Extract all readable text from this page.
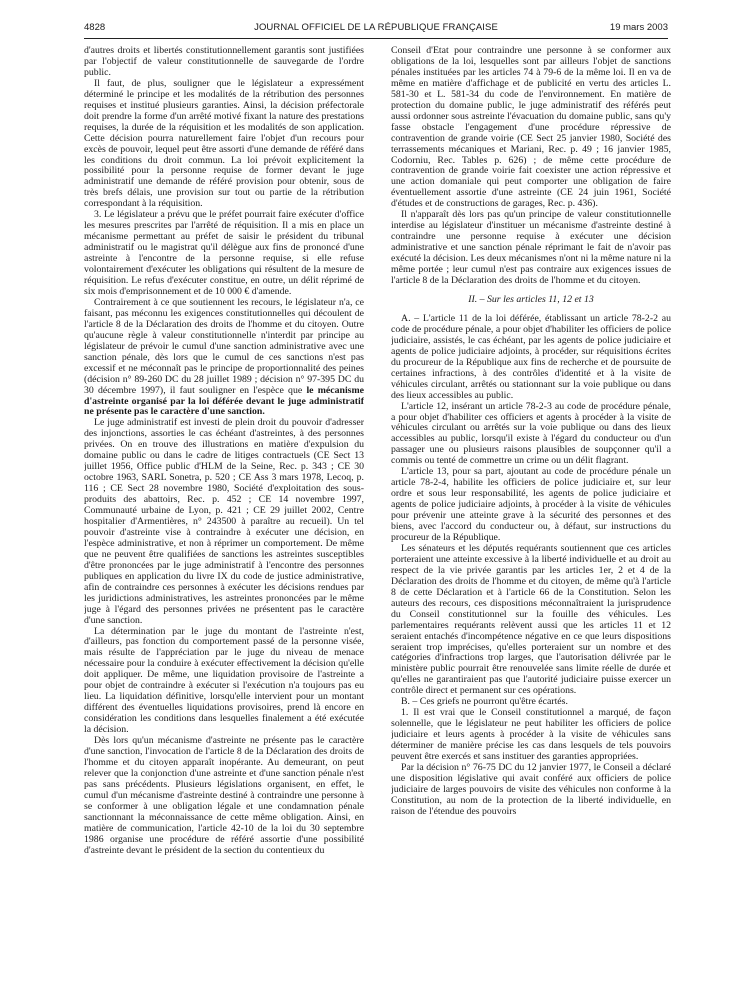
4828	JOURNAL OFFICIEL DE LA RÉPUBLIQUE FRANÇAISE	19 mars 2003

d'autres droits et libertés constitutionnellement garantis sont justifiées par l'objectif de valeur constitutionnelle de sauvegarde de l'ordre public.

Il faut, de plus, souligner que le législateur a expressément déterminé le principe et les modalités de la rétribution des personnes requises et institué plusieurs garanties. Ainsi, la décision préfectorale doit prendre la forme d'un arrêté motivé fixant la nature des prestations requises, la durée de la réquisition et les modalités de son application. Cette décision pourra naturellement faire l'objet d'un recours pour excès de pouvoir, lequel peut être assorti d'une demande de référé dans les conditions du droit commun. La loi prévoit explicitement la possibilité pour la personne requise de former devant le juge administratif une demande de référé provision pour obtenir, sous de très brefs délais, une provision sur tout ou partie de la rétribution correspondant à la réquisition.

3. Le législateur a prévu que le préfet pourrait faire exécuter d'office les mesures prescrites par l'arrêté de réquisition. Il a mis en place un mécanisme permettant au préfet de saisir le président du tribunal administratif ou le magistrat qu'il délègue aux fins de prononcé d'une astreinte à l'encontre de la personne requise, si elle refuse volontairement d'exécuter les obligations qui résultent de la mesure de réquisition. Le refus d'exécuter constitue, en outre, un délit réprimé de six mois d'emprisonnement et de 10 000 € d'amende.

Contrairement à ce que soutiennent les recours, le législateur n'a, ce faisant, pas méconnu les exigences constitutionnelles qui découlent de l'article 8 de la Déclaration des droits de l'homme et du citoyen. Outre qu'aucune règle à valeur constitutionnelle n'interdit par principe au législateur de prévoir le cumul d'une sanction administrative avec une sanction pénale, dès lors que le cumul de ces sanctions n'est pas excessif et ne méconnaît pas le principe de proportionnalité des peines (décision n° 89-260 DC du 28 juillet 1989 ; décision n° 97-395 DC du 30 décembre 1997), il faut souligner en l'espèce que le mécanisme d'astreinte organisé par la loi déférée devant le juge administratif ne présente pas le caractère d'une sanction.

Le juge administratif est investi de plein droit du pouvoir d'adresser des injonctions, assorties le cas échéant d'astreintes, à des personnes privées. On en trouve des illustrations en matière d'expulsion du domaine public ou dans le cadre de litiges contractuels (CE Sect 13 juillet 1956, Office public d'HLM de la Seine, Rec. p. 343 ; CE 30 octobre 1963, SARL Sonetra, p. 520 ; CE Ass 3 mars 1978, Lecoq, p. 116 ; CE Sect 28 novembre 1980, Société d'exploitation des sous-produits des abattoirs, Rec. p. 452 ; CE 14 novembre 1997, Communauté urbaine de Lyon, p. 421 ; CE 29 juillet 2002, Centre hospitalier d'Armentières, n° 243500 à paraître au recueil). Un tel pouvoir d'astreinte vise à contraindre à exécuter une décision, en l'espèce administrative, et non à réprimer un comportement. De même que ne peuvent être qualifiées de sanctions les astreintes susceptibles d'être prononcées par le juge administratif à l'encontre des personnes publiques en application du livre IX du code de justice administrative, afin de contraindre ces personnes à exécuter les décisions rendues par les juridictions administratives, les astreintes prononcées par le même juge à l'égard des personnes privées ne présentent pas le caractère d'une sanction.

La détermination par le juge du montant de l'astreinte n'est, d'ailleurs, pas fonction du comportement passé de la personne visée, mais résulte de l'appréciation par le juge du niveau de menace nécessaire pour la conduire à exécuter effectivement la décision qu'elle doit appliquer. De même, une liquidation provisoire de l'astreinte a pour objet de contraindre à exécuter si l'exécution n'a toujours pas eu lieu. La liquidation définitive, lorsqu'elle intervient pour un montant différent des éventuelles liquidations provisoires, prend là encore en considération les conditions dans lesquelles finalement a été exécutée la décision.

Dès lors qu'un mécanisme d'astreinte ne présente pas le caractère d'une sanction, l'invocation de l'article 8 de la Déclaration des droits de l'homme et du citoyen apparaît inopérante. Au demeurant, on peut relever que la conjonction d'une astreinte et d'une sanction pénale n'est pas sans précédents. Plusieurs législations organisent, en effet, le cumul d'un mécanisme d'astreinte destiné à contraindre une personne à se conformer à une obligation légale et une condamnation pénale sanctionnant la méconnaissance de cette même obligation. Ainsi, en matière de communication, l'article 42-10 de la loi du 30 septembre 1986 organise une procédure de référé assortie d'une possibilité d'astreinte devant le président de la section du contentieux du

Conseil d'Etat pour contraindre une personne à se conformer aux obligations de la loi, lesquelles sont par ailleurs l'objet de sanctions pénales instituées par les articles 74 à 79-6 de la même loi. Il en va de même en matière d'affichage et de publicité en vertu des articles L. 581-30 et L. 581-34 du code de l'environnement. En matière de protection du domaine public, le juge administratif des référés peut aussi ordonner sous astreinte l'évacuation du domaine public, sans qu'y fasse obstacle l'engagement d'une procédure répressive de contravention de grande voirie (CE Sect 25 janvier 1980, Société des terrassements mécaniques et Mariani, Rec. p. 49 ; 16 janvier 1985, Codorniu, Rec. Tables p. 626) ; de même cette procédure de contravention de grande voirie fait coexister une action répressive et une action domaniale qui peut comporter une obligation de faire éventuellement assortie d'une astreinte (CE 24 juin 1961, Société d'études et de constructions de garages, Rec. p. 436).

Il n'apparaît dès lors pas qu'un principe de valeur constitutionnelle interdise au législateur d'instituer un mécanisme d'astreinte destiné à contraindre une personne requise à exécuter une décision administrative et une sanction pénale réprimant le fait de n'avoir pas exécuté la décision. Les deux mécanismes n'ont ni la même nature ni la même portée ; leur cumul n'est pas contraire aux exigences issues de l'article 8 de la Déclaration des droits de l'homme et du citoyen.

II. – Sur les articles 11, 12 et 13

A. – L'article 11 de la loi déférée, établissant un article 78-2-2 au code de procédure pénale, a pour objet d'habiliter les officiers de police judiciaire, assistés, le cas échéant, par les agents de police judiciaire et agents de police judiciaire adjoints, à procéder, sur réquisitions écrites du procureur de la République aux fins de recherche et de poursuite de certaines infractions, à des contrôles d'identité et à la visite de véhicules circulant, arrêtés ou stationnant sur la voie publique ou dans des lieux accessibles au public.

L'article 12, insérant un article 78-2-3 au code de procédure pénale, a pour objet d'habiliter ces officiers et agents à procéder à la visite de véhicules circulant ou arrêtés sur la voie publique ou dans des lieux accessibles au public, lorsqu'il existe à l'égard du conducteur ou d'un passager une ou plusieurs raisons plausibles de soupçonner qu'il a commis ou tenté de commettre un crime ou un délit flagrant.

L'article 13, pour sa part, ajoutant au code de procédure pénale un article 78-2-4, habilite les officiers de police judiciaire et, sur leur ordre et sous leur responsabilité, les agents de police judiciaire et agents de police judiciaire adjoints, à procéder à la visite de véhicules pour prévenir une atteinte grave à la sécurité des personnes et des biens, avec l'accord du conducteur ou, à défaut, sur instructions du procureur de la République.

Les sénateurs et les députés requérants soutiennent que ces articles porteraient une atteinte excessive à la liberté individuelle et au droit au respect de la vie privée garantis par les articles 1er, 2 et 4 de la Déclaration des droits de l'homme et du citoyen, de même qu'à l'article 8 de cette Déclaration et à l'article 66 de la Constitution. Selon les auteurs des recours, ces dispositions méconnaîtraient la jurisprudence du Conseil constitutionnel sur la fouille des véhicules. Les parlementaires requérants relèvent aussi que les articles 11 et 12 seraient entachés d'incompétence négative en ce que leurs dispositions seraient trop imprécises, qu'elles porteraient sur un nombre et des catégories d'infractions trop larges, que l'autorisation délivrée par le ministère public pourrait être renouvelée sans limite réelle de durée et qu'elles ne garantiraient pas que l'autorité judiciaire puisse exercer un contrôle direct et permanent sur ces opérations.

B. – Ces griefs ne pourront qu'être écartés.

1. Il est vrai que le Conseil constitutionnel a marqué, de façon solennelle, que le législateur ne peut habiliter les officiers de police judiciaire et leurs agents à procéder à la visite de véhicules sans déterminer de manière précise les cas dans lesquels de tels pouvoirs peuvent être exercés et sans instituer des garanties appropriées.

Par la décision n° 76-75 DC du 12 janvier 1977, le Conseil a déclaré une disposition législative qui avait conféré aux officiers de police judiciaire de larges pouvoirs de visite des véhicules non conforme à la Constitution, au nom de la protection de la liberté individuelle, en raison de l'étendue des pouvoirs
